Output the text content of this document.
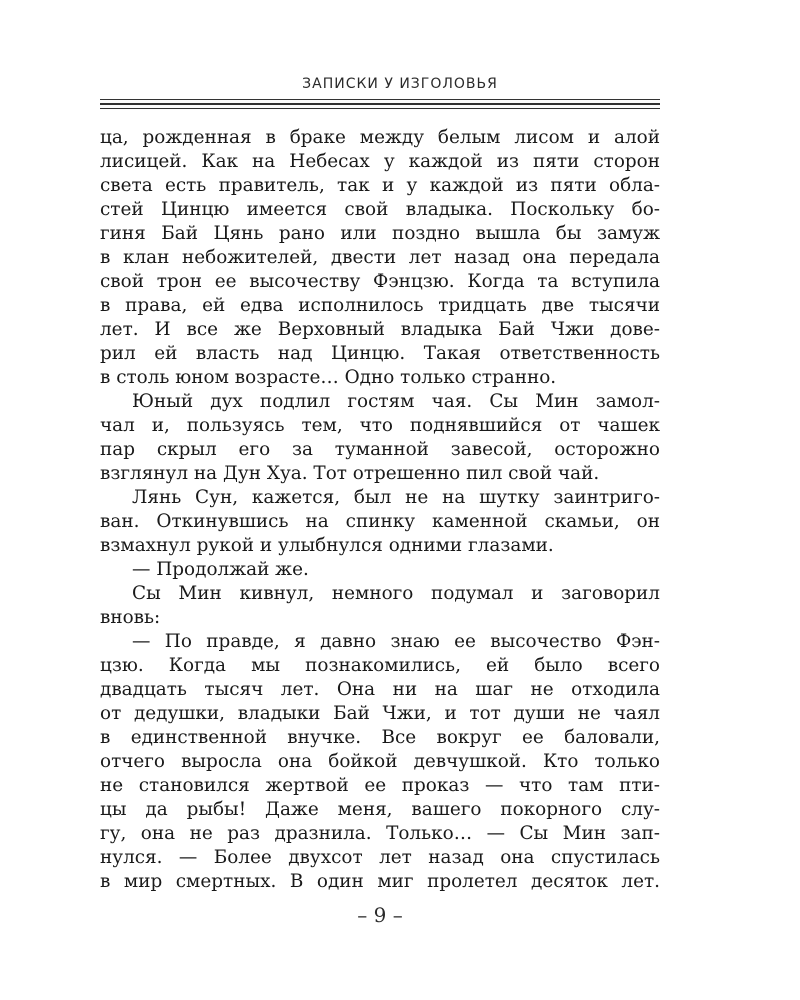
ЗАПИСКИ У ИЗГОЛОВЬЯ
ца, рожденная в браке между белым лисом и алой
лисицей. Как на Небесах у каждой из пяти сторон
света есть правитель, так и у каждой из пяти обла-
стей Цинцю имеется свой владыка. Поскольку бо-
гиня Бай Цянь рано или поздно вышла бы замуж
в клан небожителей, двести лет назад она передала
свой трон ее высочеству Фэнцзю. Когда та вступила
в права, ей едва исполнилось тридцать две тысячи
лет. И все же Верховный владыка Бай Чжи дове-
рил ей власть над Цинцю. Такая ответственность
в столь юном возрасте… Одно только странно.
Юный дух подлил гостям чая. Сы Мин замол-
чал и, пользуясь тем, что поднявшийся от чашек
пар скрыл его за туманной завесой, осторожно
взглянул на Дун Хуа. Тот отрешенно пил свой чай.
Лянь Сун, кажется, был не на шутку заинтриго-
ван. Откинувшись на спинку каменной скамьи, он
взмахнул рукой и улыбнулся одними глазами.
— Продолжай же.
Сы Мин кивнул, немного подумал и заговорил
вновь:
— По правде, я давно знаю ее высочество Фэн-
цзю. Когда мы познакомились, ей было всего
двадцать тысяч лет. Она ни на шаг не отходила
от дедушки, владыки Бай Чжи, и тот души не чаял
в единственной внучке. Все вокруг ее баловали,
отчего выросла она бойкой девчушкой. Кто только
не становился жертвой ее проказ — что там пти-
цы да рыбы! Даже меня, вашего покорного слу-
гу, она не раз дразнила. Только… — Сы Мин зап-
нулся. — Более двухсот лет назад она спустилась
в мир смертных. В один миг пролетел десяток лет.
– 9 –
